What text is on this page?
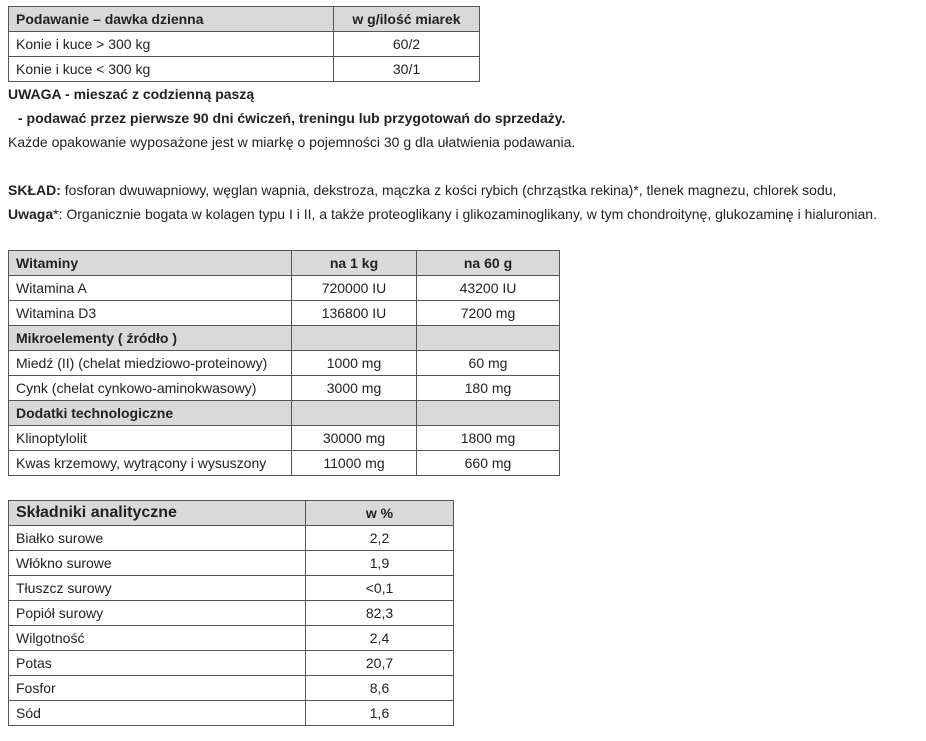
Podawanie – dawka dzienna	w g/ilość miarek
Konie i kuce > 300 kg	60/2
Konie i kuce < 300 kg	30/1
UWAGA - mieszać z codzienną paszą
- podawać przez pierwsze 90 dni ćwiczeń, treningu lub przygotowań do sprzedaży.
Każde opakowanie wyposażone jest w miarkę o pojemności 30 g dla ułatwienia podawania.
SKŁAD: fosforan dwuwapniowy, węglan wapnia, dekstroza, mączka z kości rybich (chrząstka rekina)*, tlenek magnezu, chlorek sodu,
Uwaga*: Organicznie bogata w kolagen typu I i II, a także proteoglikany i glikozaminoglikany, w tym chondroitynę, glukozaminę i hialuronian.
Witaminy	na 1 kg	na 60 g
Witamina A	720000 IU	43200 IU
Witamina D3	136800 IU	7200 mg
Mikroelementy ( źródło )		
Miedź (II) (chelat miedziowo-proteinowy)	1000 mg	60 mg
Cynk (chelat cynkowo-aminokwasowy)	3000 mg	180 mg
Dodatki technologiczne		
Klinoptylolit	30000 mg	1800 mg
Kwas krzemowy, wytrącony i wysuszony	11000 mg	660 mg
Składniki analityczne	w %
Białko surowe	2,2
Włókno surowe	1,9
Tłuszcz surowy	<0,1
Popiół surowy	82,3
Wilgotność	2,4
Potas	20,7
Fosfor	8,6
Sód	1,6
